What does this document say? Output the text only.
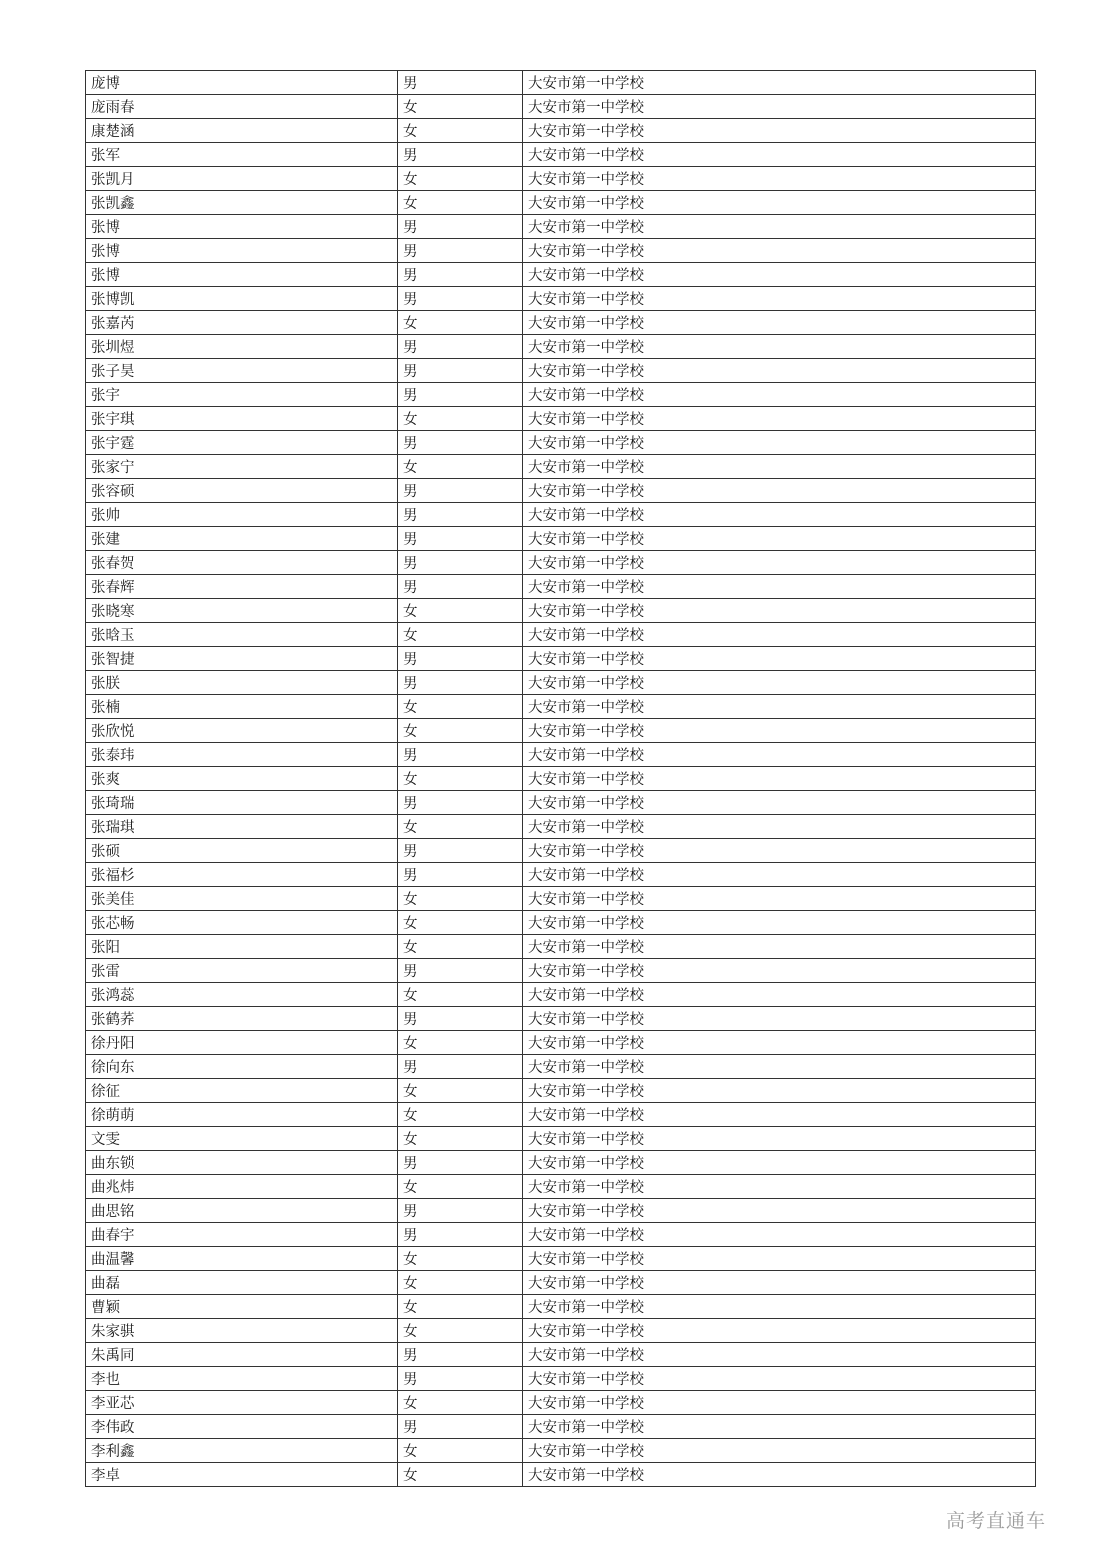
庞博	男	大安市第一中学校
庞雨春	女	大安市第一中学校
康楚涵	女	大安市第一中学校
张军	男	大安市第一中学校
张凯月	女	大安市第一中学校
张凯鑫	女	大安市第一中学校
张博	男	大安市第一中学校
张博	男	大安市第一中学校
张博	男	大安市第一中学校
张博凯	男	大安市第一中学校
张嘉芮	女	大安市第一中学校
张圳煜	男	大安市第一中学校
张子昊	男	大安市第一中学校
张宇	男	大安市第一中学校
张宇琪	女	大安市第一中学校
张宇霆	男	大安市第一中学校
张家宁	女	大安市第一中学校
张容硕	男	大安市第一中学校
张帅	男	大安市第一中学校
张建	男	大安市第一中学校
张春贺	男	大安市第一中学校
张春辉	男	大安市第一中学校
张晓寒	女	大安市第一中学校
张晗玉	女	大安市第一中学校
张智捷	男	大安市第一中学校
张朕	男	大安市第一中学校
张楠	女	大安市第一中学校
张欣悦	女	大安市第一中学校
张泰玮	男	大安市第一中学校
张爽	女	大安市第一中学校
张琦瑞	男	大安市第一中学校
张瑞琪	女	大安市第一中学校
张硕	男	大安市第一中学校
张福杉	男	大安市第一中学校
张美佳	女	大安市第一中学校
张芯畅	女	大安市第一中学校
张阳	女	大安市第一中学校
张雷	男	大安市第一中学校
张鸿蕊	女	大安市第一中学校
张鹤荞	男	大安市第一中学校
徐丹阳	女	大安市第一中学校
徐向东	男	大安市第一中学校
徐征	女	大安市第一中学校
徐萌萌	女	大安市第一中学校
文雯	女	大安市第一中学校
曲东锁	男	大安市第一中学校
曲兆炜	女	大安市第一中学校
曲思铭	男	大安市第一中学校
曲春宇	男	大安市第一中学校
曲温馨	女	大安市第一中学校
曲磊	女	大安市第一中学校
曹颖	女	大安市第一中学校
朱家骐	女	大安市第一中学校
朱禹同	男	大安市第一中学校
李也	男	大安市第一中学校
李亚芯	女	大安市第一中学校
李伟政	男	大安市第一中学校
李利鑫	女	大安市第一中学校
李卓	女	大安市第一中学校
高考直通车
